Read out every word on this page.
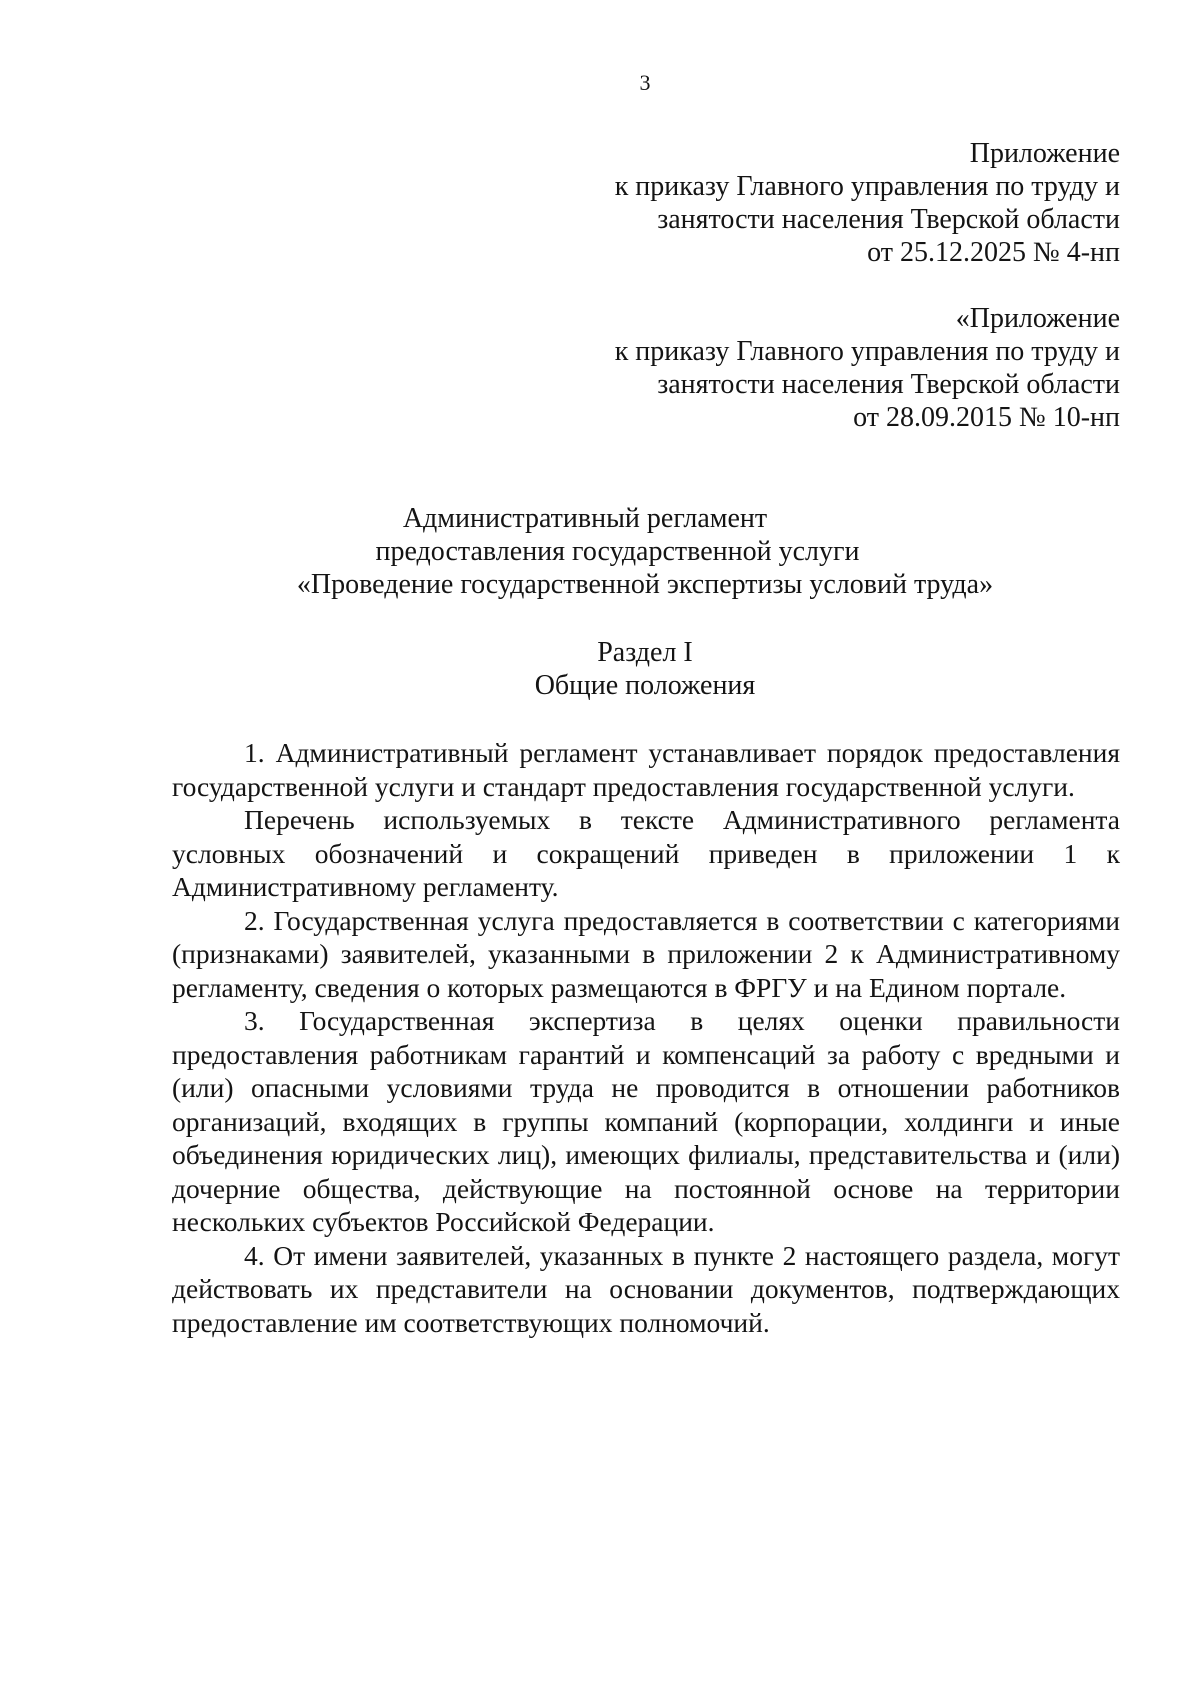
3

Приложение

к приказу Главного управления по труду и

занятости населения Тверской области

от 25.12.2025 № 4-нп

«Приложение

к приказу Главного управления по труду и

занятости населения Тверской области

от 28.09.2015 № 10-нп

Административный регламент

предоставления государственной услуги

«Проведение государственной экспертизы условий труда»

Раздел I

Общие положения

1. Административный регламент устанавливает порядок предоставления государственной услуги и стандарт предоставления государственной услуги.

Перечень используемых в тексте Административного регламента условных обозначений и сокращений приведен в приложении 1 к Административному регламенту.

2. Государственная услуга предоставляется в соответствии с категориями (признаками) заявителей, указанными в приложении 2 к Административному регламенту, сведения о которых размещаются в ФРГУ и на Едином портале.

3. Государственная экспертиза в целях оценки правильности предоставления работникам гарантий и компенсаций за работу с вредными и (или) опасными условиями труда не проводится в отношении работников организаций, входящих в группы компаний (корпорации, холдинги и иные объединения юридических лиц), имеющих филиалы, представительства и (или) дочерние общества, действующие на постоянной основе на территории нескольких субъектов Российской Федерации.

4. От имени заявителей, указанных в пункте 2 настоящего раздела, могут действовать их представители на основании документов, подтверждающих предоставление им соответствующих полномочий.
